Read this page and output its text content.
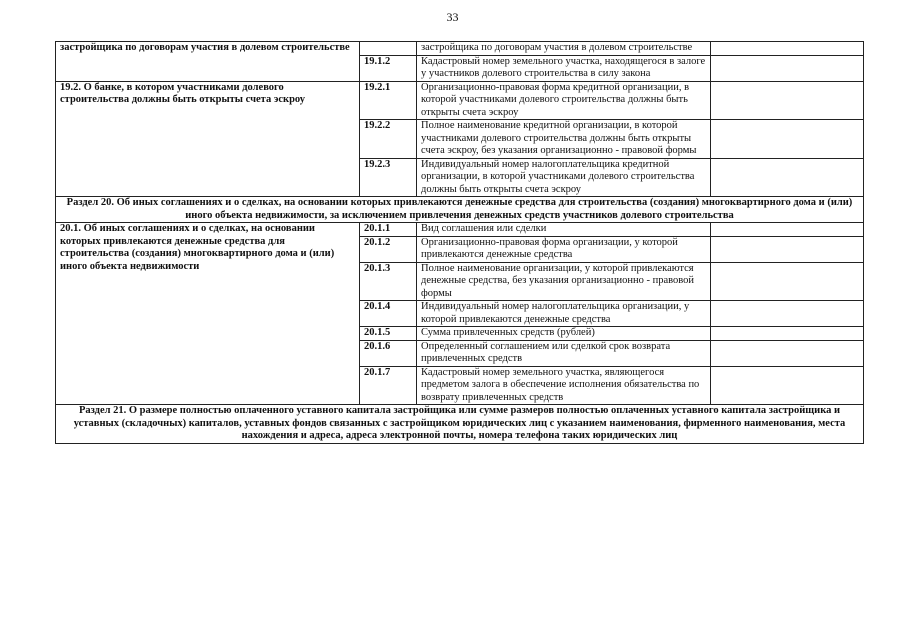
33
застройщика по договорам участия в долевом строительстве		застройщика по договорам участия в долевом строительстве	
	19.1.2	Кадастровый номер земельного участка, находящегося в залоге у участников долевого строительства в силу закона	
19.2. О банке, в котором участниками долевого строительства должны быть открыты счета эскроу	19.2.1	Организационно-правовая форма кредитной организации, в которой участниками долевого строительства должны быть открыты счета эскроу	
	19.2.2	Полное наименование кредитной организации, в которой участниками долевого строительства должны быть открыты счета эскроу, без указания организационно - правовой формы	
	19.2.3	Индивидуальный номер налогоплательщика кредитной организации, в которой участниками долевого строительства должны быть открыты счета эскроу	
Раздел 20. Об иных соглашениях и о сделках, на основании которых привлекаются денежные средства для строительства (создания) многоквартирного дома и (или) иного объекта недвижимости, за исключением привлечения денежных средств участников долевого строительства			
20.1. Об иных соглашениях и о сделках, на основании которых привлекаются денежные средства для строительства (создания) многоквартирного дома и (или) иного объекта недвижимости	20.1.1	Вид соглашения или сделки	
	20.1.2	Организационно-правовая форма организации, у которой привлекаются денежные средства	
	20.1.3	Полное наименование организации, у которой привлекаются денежные средства, без указания организационно - правовой формы	
	20.1.4	Индивидуальный номер налогоплательщика организации, у которой привлекаются денежные средства	
	20.1.5	Сумма привлеченных средств (рублей)	
	20.1.6	Определенный соглашением или сделкой срок возврата привлеченных средств	
	20.1.7	Кадастровый номер земельного участка, являющегося предметом залога в обеспечение исполнения обязательства по возврату привлеченных средств	
Раздел 21. О размере полностью оплаченного уставного капитала застройщика или сумме размеров полностью оплаченных уставного капитала застройщика и уставных (складочных) капиталов, уставных фондов связанных с застройщиком юридических лиц с указанием наименования, фирменного наименования, места нахождения и адреса, адреса электронной почты, номера телефона таких юридических лиц			
